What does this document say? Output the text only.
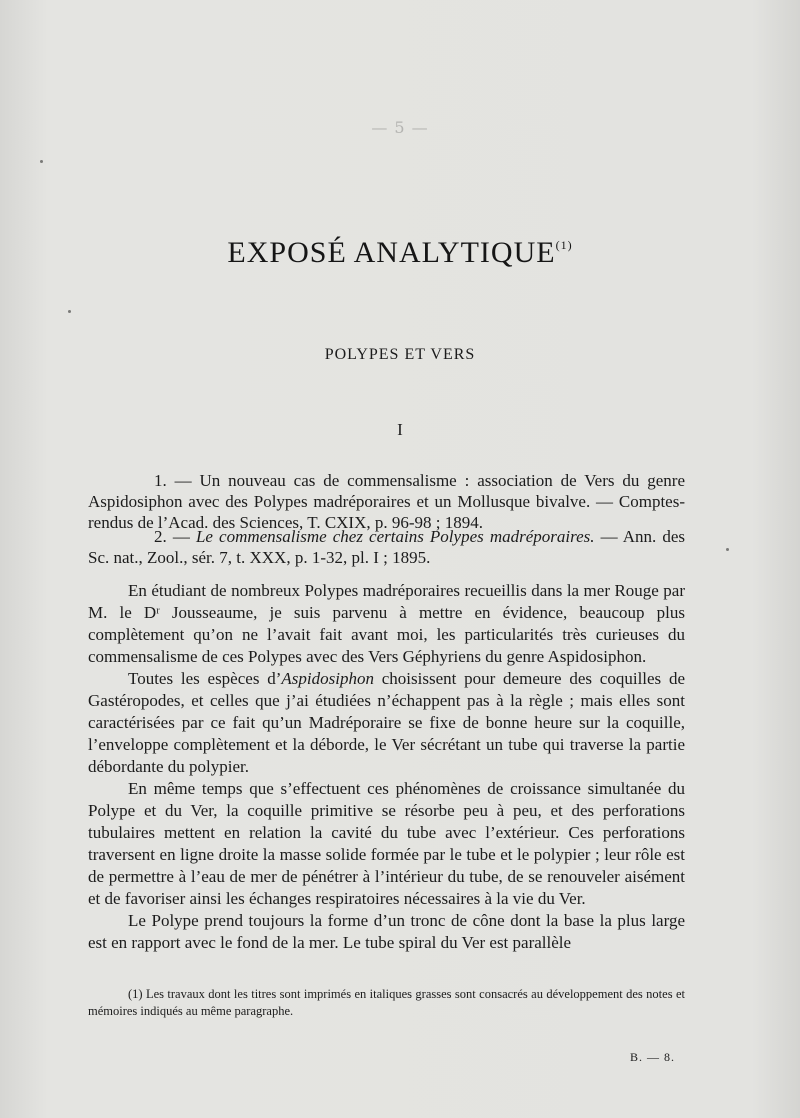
— 5 —
EXPOSÉ ANALYTIQUE$^{(1)}$
POLYPES ET VERS
I
1. — Un nouveau cas de commensalisme : association de Vers du genre Aspidosiphon avec des Polypes madréporaires et un Mollusque bivalve. — Comptes-rendus de l’Acad. des Sciences, T. CXIX, p. 96-98 ; 1894.
2. — Le commensalisme chez certains Polypes madréporaires. — Ann. des Sc. nat., Zool., sér. 7, t. XXX, p. 1-32, pl. I ; 1895.

En étudiant de nombreux Polypes madréporaires recueillis dans la mer Rouge par M. le Dʳ Jousseaume, je suis parvenu à mettre en évidence, beaucoup plus complètement qu’on ne l’avait fait avant moi, les particularités très curieuses du commensalisme de ces Polypes avec des Vers Géphyriens du genre Aspidosiphon.

Toutes les espèces d’Aspidosiphon choisissent pour demeure des coquilles de Gastéropodes, et celles que j’ai étudiées n’échappent pas à la règle ; mais elles sont caractérisées par ce fait qu’un Madréporaire se fixe de bonne heure sur la coquille, l’enveloppe complètement et la déborde, le Ver sécrétant un tube qui traverse la partie débordante du polypier.

En même temps que s’effectuent ces phénomènes de croissance simultanée du Polype et du Ver, la coquille primitive se résorbe peu à peu, et des perforations tubulaires mettent en relation la cavité du tube avec l’extérieur. Ces perforations traversent en ligne droite la masse solide formée par le tube et le polypier ; leur rôle est de permettre à l’eau de mer de pénétrer à l’intérieur du tube, de se renouveler aisément et de favoriser ainsi les échanges respiratoires nécessaires à la vie du Ver.

Le Polype prend toujours la forme d’un tronc de cône dont la base la plus large est en rapport avec le fond de la mer. Le tube spiral du Ver est parallèle

(1) Les travaux dont les titres sont imprimés en italiques grasses sont consacrés au développement des notes et mémoires indiqués au même paragraphe.
B. — 8.
